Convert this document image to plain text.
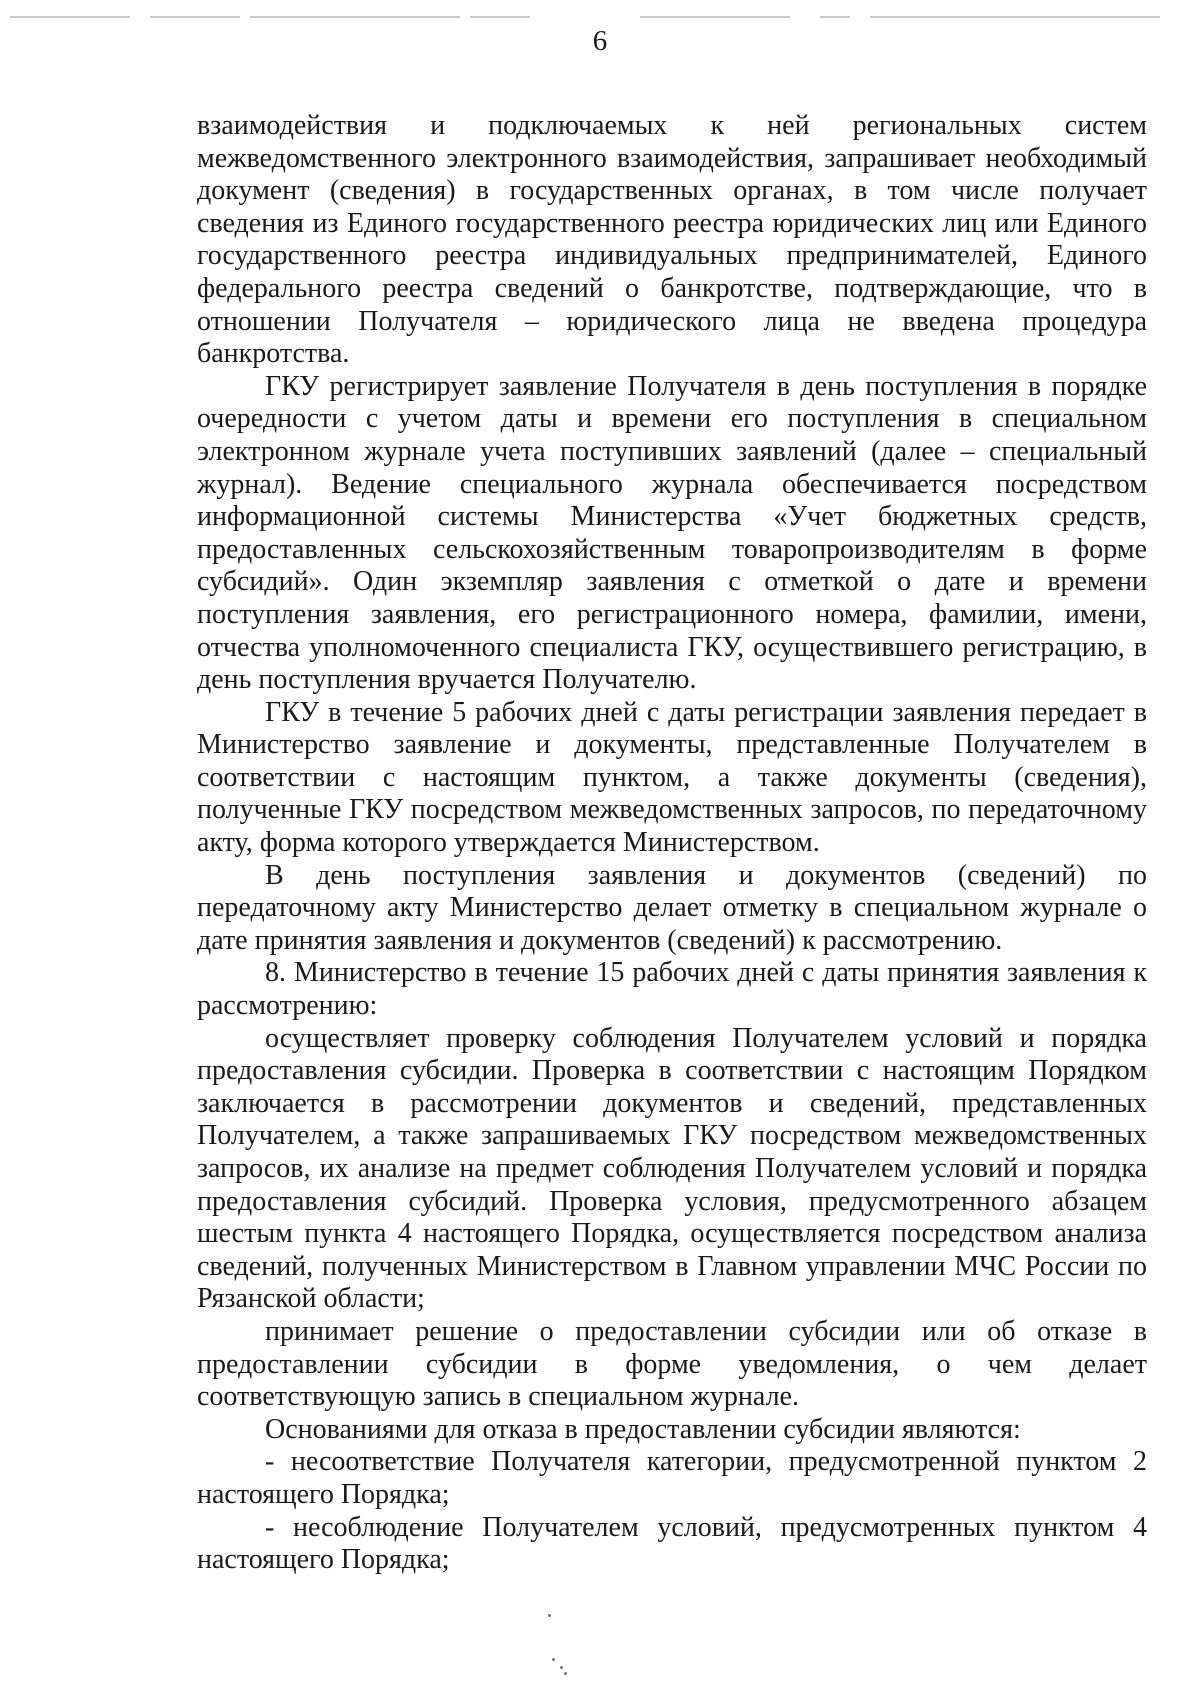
6

взаимодействия и подключаемых к ней региональных систем межведомственного электронного взаимодействия, запрашивает необходимый документ (сведения) в государственных органах, в том числе получает сведения из Единого государственного реестра юридических лиц или Единого государственного реестра индивидуальных предпринимателей, Единого федерального реестра сведений о банкротстве, подтверждающие, что в отношении Получателя – юридического лица не введена процедура банкротства.

ГКУ регистрирует заявление Получателя в день поступления в порядке очередности с учетом даты и времени его поступления в специальном электронном журнале учета поступивших заявлений (далее – специальный журнал). Ведение специального журнала обеспечивается посредством информационной системы Министерства «Учет бюджетных средств, предоставленных сельскохозяйственным товаропроизводителям в форме субсидий». Один экземпляр заявления с отметкой о дате и времени поступления заявления, его регистрационного номера, фамилии, имени, отчества уполномоченного специалиста ГКУ, осуществившего регистрацию, в день поступления вручается Получателю.

ГКУ в течение 5 рабочих дней с даты регистрации заявления передает в Министерство заявление и документы, представленные Получателем в соответствии с настоящим пунктом, а также документы (сведения), полученные ГКУ посредством межведомственных запросов, по передаточному акту, форма которого утверждается Министерством.

В день поступления заявления и документов (сведений) по передаточному акту Министерство делает отметку в специальном журнале о дате принятия заявления и документов (сведений) к рассмотрению.

8. Министерство в течение 15 рабочих дней с даты принятия заявления к рассмотрению:

осуществляет проверку соблюдения Получателем условий и порядка предоставления субсидии. Проверка в соответствии с настоящим Порядком заключается в рассмотрении документов и сведений, представленных Получателем, а также запрашиваемых ГКУ посредством межведомственных запросов, их анализе на предмет соблюдения Получателем условий и порядка предоставления субсидий. Проверка условия, предусмотренного абзацем шестым пункта 4 настоящего Порядка, осуществляется посредством анализа сведений, полученных Министерством в Главном управлении МЧС России по Рязанской области;

принимает решение о предоставлении субсидии или об отказе в предоставлении субсидии в форме уведомления, о чем делает соответствующую запись в специальном журнале.

Основаниями для отказа в предоставлении субсидии являются:

- несоответствие Получателя категории, предусмотренной пунктом 2 настоящего Порядка;

- несоблюдение Получателем условий, предусмотренных пунктом 4 настоящего Порядка;
